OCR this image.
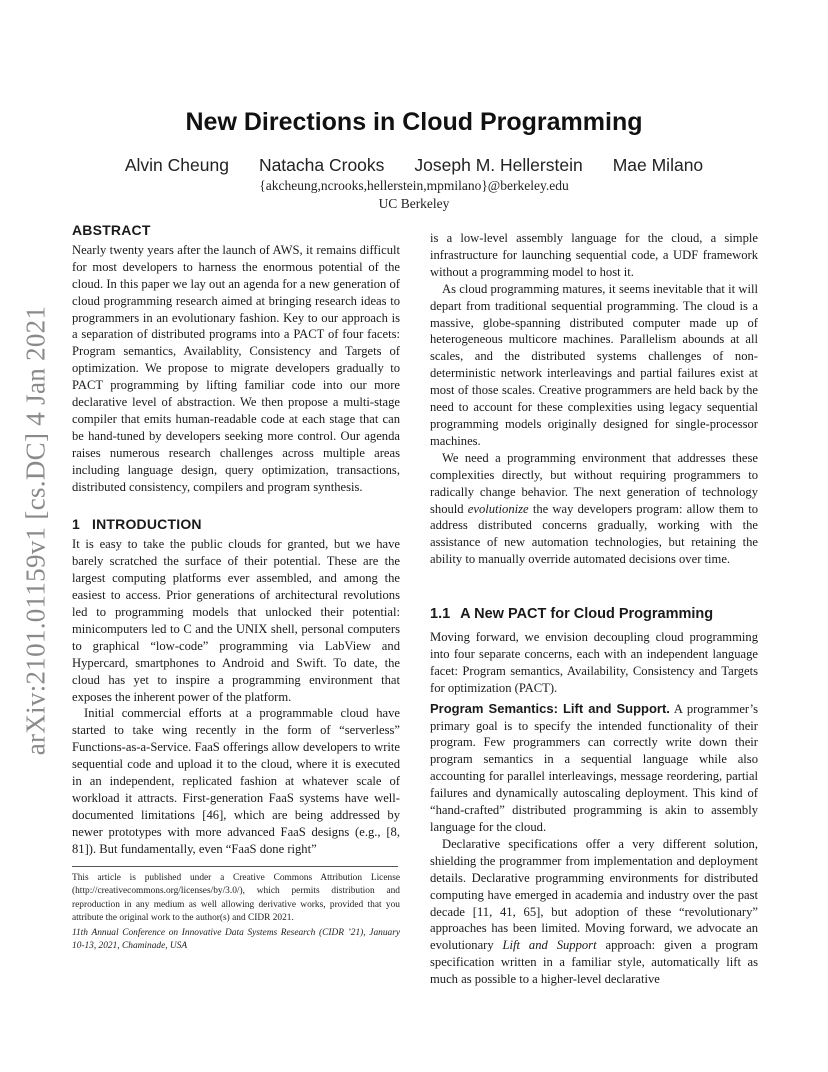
arXiv:2101.01159v1 [cs.DC] 4 Jan 2021
New Directions in Cloud Programming
Alvin Cheung Natacha Crooks Joseph M. Hellerstein Mae Milano
{akcheung,ncrooks,hellerstein,mpmilano}@berkeley.edu
UC Berkeley
ABSTRACT

Nearly twenty years after the launch of AWS, it remains difficult for most developers to harness the enormous potential of the cloud. In this paper we lay out an agenda for a new generation of cloud programming research aimed at bringing research ideas to programmers in an evolutionary fashion. Key to our approach is a separation of distributed programs into a PACT of four facets: Program semantics, Availablity, Consistency and Targets of optimization. We propose to migrate developers gradually to PACT programming by lifting familiar code into our more declarative level of abstraction. We then propose a multi-stage compiler that emits human-readable code at each stage that can be hand-tuned by developers seeking more control. Our agenda raises numerous research challenges across multiple areas including language design, query optimization, transactions, distributed consistency, compilers and program synthesis.

1 INTRODUCTION

It is easy to take the public clouds for granted, but we have barely scratched the surface of their potential. These are the largest computing platforms ever assembled, and among the easiest to access. Prior generations of architectural revolutions led to programming models that unlocked their potential: minicomputers led to C and the UNIX shell, personal computers to graphical “low-code” programming via LabView and Hypercard, smartphones to Android and Swift. To date, the cloud has yet to inspire a programming environment that exposes the inherent power of the platform.

Initial commercial efforts at a programmable cloud have started to take wing recently in the form of “serverless” Functions-as-a-Service. FaaS offerings allow developers to write sequential code and upload it to the cloud, where it is executed in an independent, replicated fashion at whatever scale of workload it attracts. First-generation FaaS systems have well-documented limitations [46], which are being addressed by newer prototypes with more advanced FaaS designs (e.g., [8, 81]). But fundamentally, even “FaaS done right”

is a low-level assembly language for the cloud, a simple infrastructure for launching sequential code, a UDF framework without a programming model to host it.

As cloud programming matures, it seems inevitable that it will depart from traditional sequential programming. The cloud is a massive, globe-spanning distributed computer made up of heterogeneous multicore machines. Parallelism abounds at all scales, and the distributed systems challenges of non-deterministic network interleavings and partial failures exist at most of those scales. Creative programmers are held back by the need to account for these complexities using legacy sequential programming models originally designed for single-processor machines.

We need a programming environment that addresses these complexities directly, but without requiring programmers to radically change behavior. The next generation of technology should evolutionize the way developers program: allow them to address distributed concerns gradually, working with the assistance of new automation technologies, but retaining the ability to manually override automated decisions over time.

1.1 A New PACT for Cloud Programming

Moving forward, we envision decoupling cloud programming into four separate concerns, each with an independent language facet: Program semantics, Availability, Consistency and Targets for optimization (PACT).

Program Semantics: Lift and Support. A programmer’s primary goal is to specify the intended functionality of their program. Few programmers can correctly write down their program semantics in a sequential language while also accounting for parallel interleavings, message reordering, partial failures and dynamically autoscaling deployment. This kind of “hand-crafted” distributed programming is akin to assembly language for the cloud.

Declarative specifications offer a very different solution, shielding the programmer from implementation and deployment details. Declarative programming environments for distributed computing have emerged in academia and industry over the past decade [11, 41, 65], but adoption of these “revolutionary” approaches has been limited. Moving forward, we advocate an evolutionary Lift and Support approach: given a program specification written in a familiar style, automatically lift as much as possible to a higher-level declarative

This article is published under a Creative Commons Attribution License (http://creativecommons.org/licenses/by/3.0/), which permits distribution and reproduction in any medium as well allowing derivative works, provided that you attribute the original work to the author(s) and CIDR 2021.
11th Annual Conference on Innovative Data Systems Research (CIDR ’21), January 10-13, 2021, Chaminade, USA
